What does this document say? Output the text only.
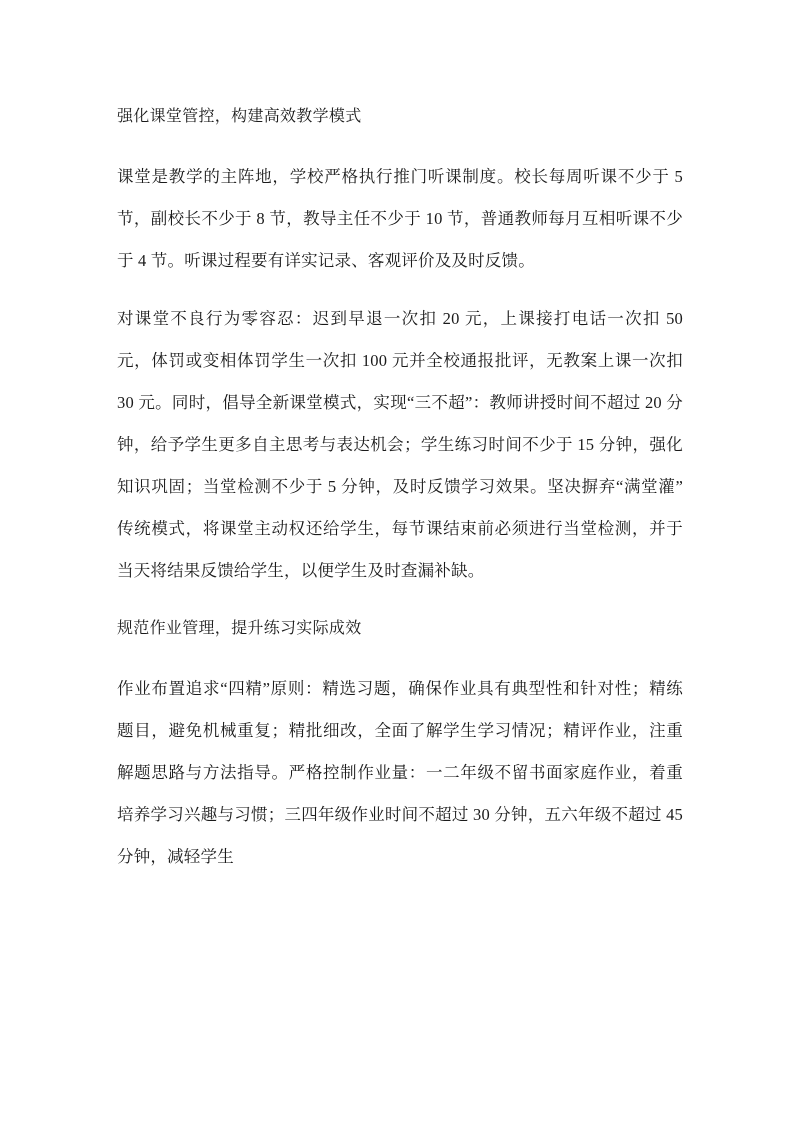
强化课堂管控，构建高效教学模式

课堂是教学的主阵地，学校严格执行推门听课制度。校长每周听课不少于 5 节，副校长不少于 8 节，教导主任不少于 10 节，普通教师每月互相听课不少于 4 节。听课过程要有详实记录、客观评价及及时反馈。

对课堂不良行为零容忍：迟到早退一次扣 20 元，上课接打电话一次扣 50 元，体罚或变相体罚学生一次扣 100 元并全校通报批评，无教案上课一次扣 30 元。同时，倡导全新课堂模式，实现“三不超”：教师讲授时间不超过 20 分钟，给予学生更多自主思考与表达机会；学生练习时间不少于 15 分钟，强化知识巩固；当堂检测不少于 5 分钟，及时反馈学习效果。坚决摒弃“满堂灌”传统模式，将课堂主动权还给学生，每节课结束前必须进行当堂检测，并于当天将结果反馈给学生，以便学生及时查漏补缺。

规范作业管理，提升练习实际成效

作业布置追求“四精”原则：精选习题，确保作业具有典型性和针对性；精练题目，避免机械重复；精批细改，全面了解学生学习情况；精评作业，注重解题思路与方法指导。严格控制作业量：一二年级不留书面家庭作业，着重培养学习兴趣与习惯；三四年级作业时间不超过 30 分钟，五六年级不超过 45 分钟，减轻学生
